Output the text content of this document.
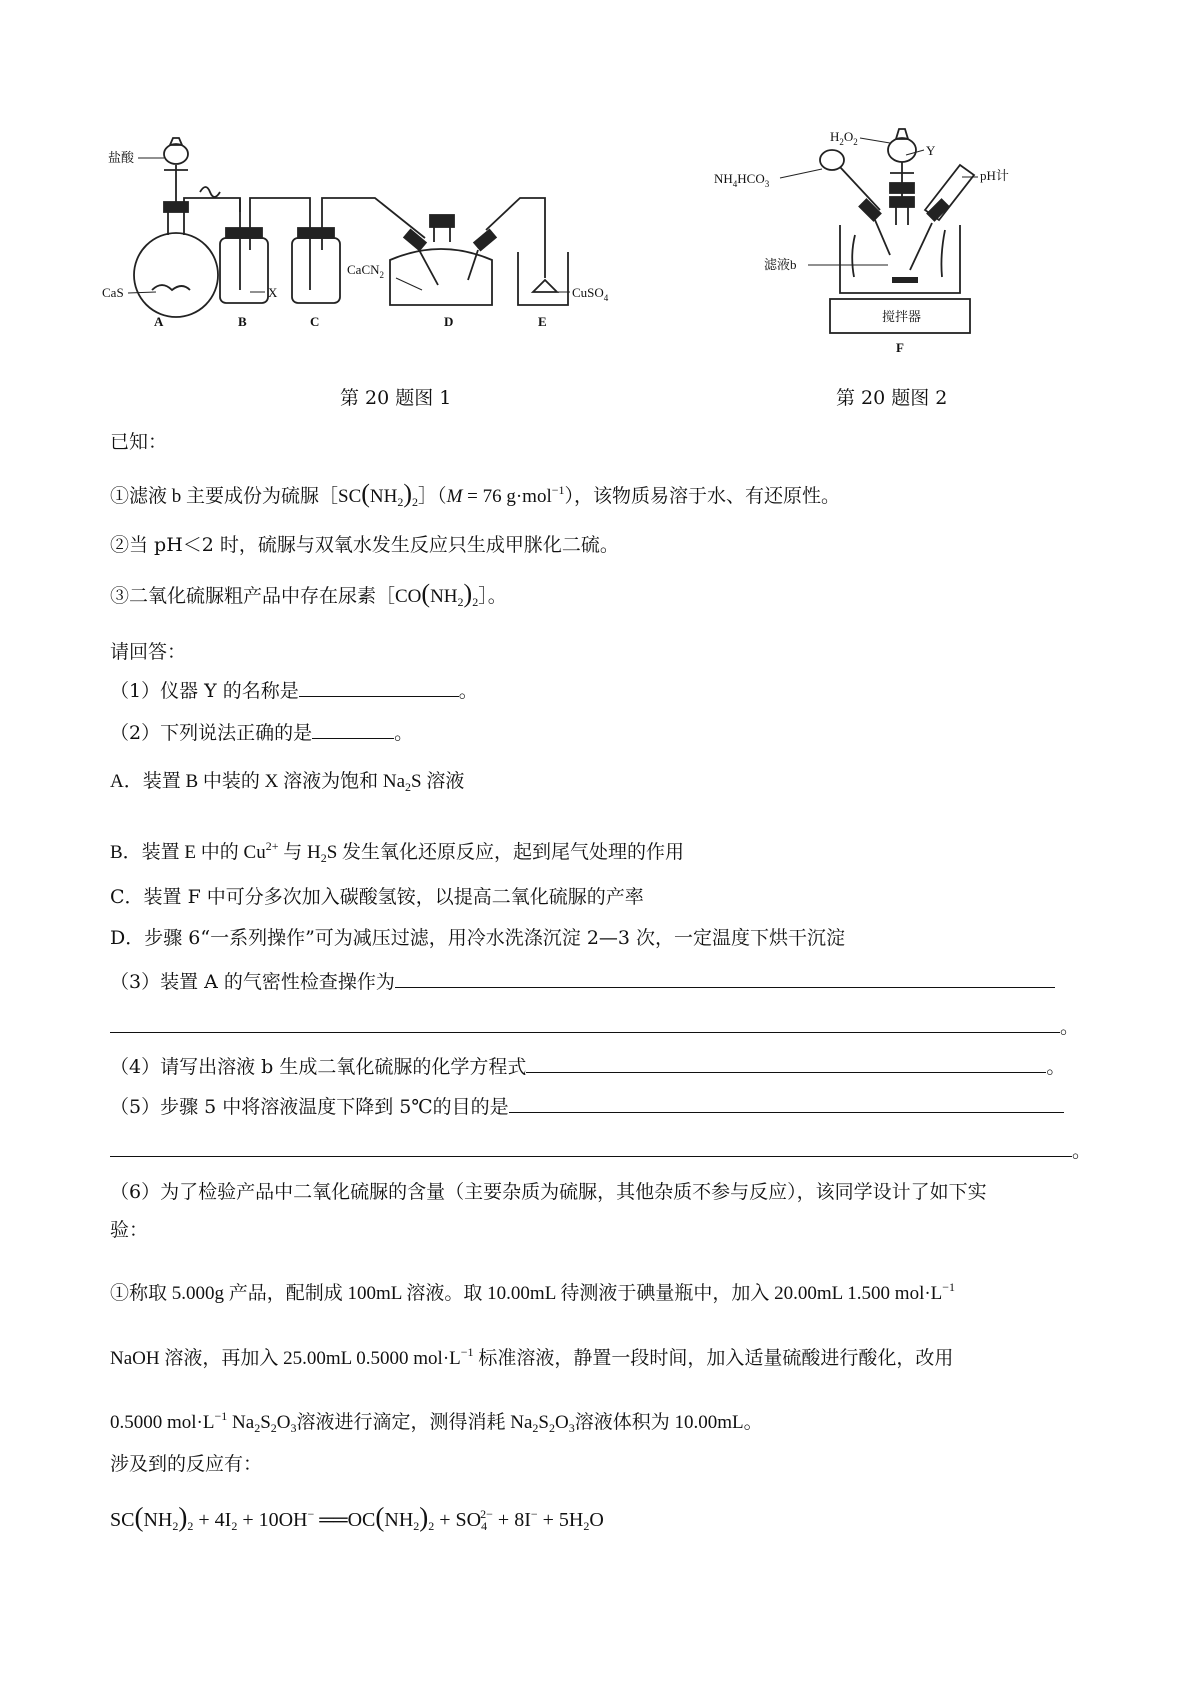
盐酸
CaS	X
CaCN$_2$
CuSO$_4$
A	B	C	D	E
第 20 题图 1
$H_2O_2$
Y
$NH_4HCO_3$
pH计
滤液b
搅拌器
F
第 20 题图 2
已知：
①滤液 b 主要成份为硫脲$[SC(NH_2)_2](M = 76$ g·mol$^{-1}$），该物质易溶于水、有还原性。
②当 pH＜2 时，硫脲与双氧水发生反应只生成甲脒化二硫。
③二氧化硫脲粗产品中存在尿素$[CO(NH_2)_2]$。
请回答：
（1）仪器 Y 的名称是	。
（2）下列说法正确的是	。
A．装置 B 中装的 X 溶液为饱和 $Na_2S$ 溶液
B．装置 E 中的 $Cu^{2+}$ 与 $H_2S$ 发生氧化还原反应，起到尾气处理的作用
C．装置 F 中可分多次加入碳酸氢铵，以提高二氧化硫脲的产率
D．步骤 6“一系列操作”可为减压过滤，用冷水洗涤沉淀 2—3 次，一定温度下烘干沉淀
（3）装置 A 的气密性检查操作为
。
（4）请写出溶液 b 生成二氧化硫脲的化学方程式	。
（5）步骤 5 中将溶液温度下降到 5℃的目的是
。
（6）为了检验产品中二氧化硫脲的含量（主要杂质为硫脲，其他杂质不参与反应），该同学设计了如下实
验：
①称取 5.000g 产品，配制成 100mL 溶液。取 10.00mL 待测液于碘量瓶中，加入 20.00mL 1.500 $mol\cdot L^{-1}$
NaOH 溶液，再加入 25.00mL 0.5000 $mol\cdot L^{-1}$ 标准溶液，静置一段时间，加入适量硫酸进行酸化，改用
0.5000 $mol\cdot L^{-1}$ $Na_2S_2O_3$溶液进行滴定，测得消耗 $Na_2S_2O_3$溶液体积为 10.00mL。
涉及到的反应有：
$SC(NH_2)_2 + 4I_2 + 10OH^-$ $══OC(NH_2)_2 + SO_4^{2-} + 8I^- + 5H_2O$
